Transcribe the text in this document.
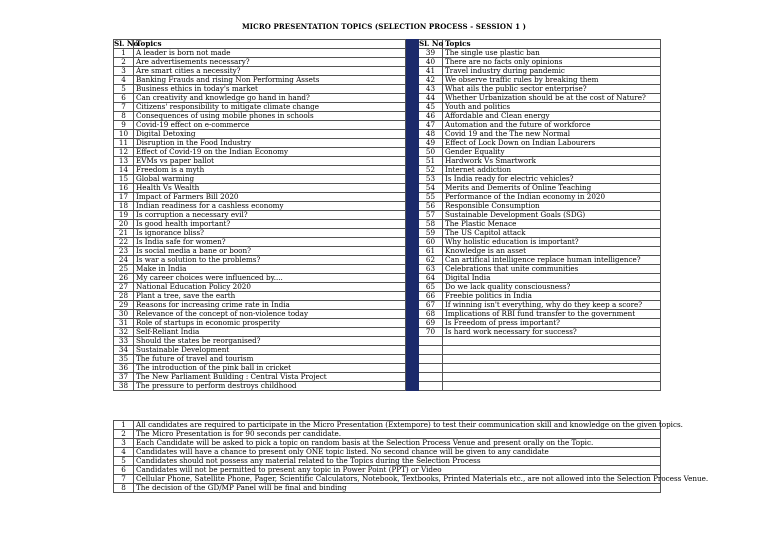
MICRO PRESENTATION TOPICS (SELECTION PROCESS - SESSION 1 )
Sl. No	Topics		Sl. No	Topics
1	A leader is born not made		39	The single use plastic ban
2	Are advertisements necessary?		40	There are no facts only opinions
3	Are smart cities a necessity?		41	Travel industry during pandemic
4	Banking Frauds and rising Non Performing Assets		42	We observe traffic rules by breaking them
5	Business ethics in today's market		43	What ails the public sector enterprise?
6	Can creativity and knowledge go hand in hand?		44	Whether Urbanization should be at the cost of Nature?
7	Citizens' responsibility to mitigate climate change		45	Youth and politics
8	Consequences of using mobile phones in schools		46	Affordable and Clean energy
9	Covid-19 effect on e-commerce		47	Automation and the future of workforce
10	Digital Detoxing		48	Covid 19 and the The new Normal
11	Disruption in the Food Industry		49	Effect of Lock Down on Indian Labourers
12	Effect of Covid-19 on the Indian Economy		50	Gender Equality
13	EVMs vs paper ballot		51	Hardwork Vs Smartwork
14	Freedom is a myth		52	Internet addiction
15	Global warming		53	Is India ready for electric vehicles?
16	Health Vs Wealth		54	Merits and Demerits of Online Teaching
17	Impact of Farmers Bill 2020		55	Performance of the Indian economy in 2020
18	Indian readiness for a cashless economy		56	Responsible Consumption
19	Is corruption a necessary evil?		57	Sustainable Development Goals (SDG)
20	Is good health important?		58	The Plastic Menace
21	Is ignorance bliss?		59	The US Capitol attack
22	Is India safe for women?		60	Why holistic education is important?
23	Is social media a bane or boon?		61	Knowledge is an asset
24	Is war a solution to the problems?		62	Can artifical intelligence replace human intelligence?
25	Make in India		63	Celebrations that unite communities
26	My career choices were influenced by....		64	Digital India
27	National Education Policy 2020		65	Do we lack quality consciousness?
28	Plant a tree, save the earth		66	Freebie politics in India
29	Reasons for increasing crime rate in India		67	If winning isn't everything, why do they keep a score?
30	Relevance of the concept of non-violence today		68	Implications of RBI fund transfer to the government
31	Role of startups in economic prosperity		69	Is Freedom of press important?
32	Self-Reliant India		70	Is hard work necessary for success?
33	Should the states be reorganised?			
34	Sustainable Development			
35	The future of travel and tourism			
36	The introduction of the pink ball in cricket			
37	The New Parliament Building : Central Vista Project			
38	The pressure to perform destroys childhood			
1	All candidates are required to participate in the Micro Presentation (Extempore) to test their communication skill and knowledge on the given topics.
2	The Micro Presentation is for 90 seconds per candidate.
3	Each Candidate will be asked to pick a topic on random basis at the Selection Process Venue and present orally on the Topic.
4	Candidates will have a chance to present only ONE topic listed. No second chance will be given to any candidate
5	Candidates should not possess any material related to the Topics during the Selection Process
6	Candidates will not be permitted to present any topic in Power Point (PPT) or Video
7	Cellular Phone, Satellite Phone, Pager, Scientific Calculators, Notebook, Textbooks, Printed Materials etc., are not allowed into the Selection Process Venue.
8	The decision of the GD/MP Panel will be final and binding
